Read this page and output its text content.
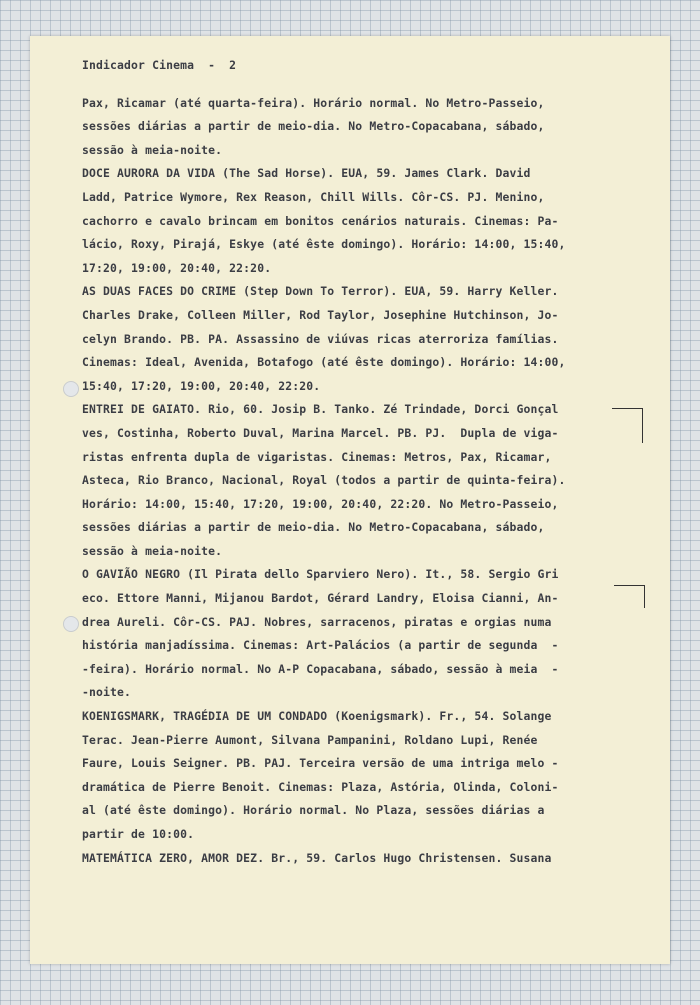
Indicador Cinema  -  2
Pax, Ricamar (até quarta-feira). Horário normal. No Metro-Passeio,
sessões diárias a partir de meio-dia. No Metro-Copacabana, sábado,
sessão à meia-noite.
DOCE AURORA DA VIDA (The Sad Horse). EUA, 59. James Clark. David
Ladd, Patrice Wymore, Rex Reason, Chill Wills. Côr-CS. PJ. Menino,
cachorro e cavalo brincam em bonitos cenários naturais. Cinemas: Pa-
lácio, Roxy, Pirajá, Eskye (até êste domingo). Horário: 14:00, 15:40,
17:20, 19:00, 20:40, 22:20.
AS DUAS FACES DO CRIME (Step Down To Terror). EUA, 59. Harry Keller.
Charles Drake, Colleen Miller, Rod Taylor, Josephine Hutchinson, Jo-
celyn Brando. PB. PA. Assassino de viúvas ricas aterroriza famílias.
Cinemas: Ideal, Avenida, Botafogo (até êste domingo). Horário: 14:00,
15:40, 17:20, 19:00, 20:40, 22:20.
ENTREI DE GAIATO. Rio, 60. Josip B. Tanko. Zé Trindade, Dorci Gonçal
ves, Costinha, Roberto Duval, Marina Marcel. PB. PJ.  Dupla de viga-
ristas enfrenta dupla de vigaristas. Cinemas: Metros, Pax, Ricamar,
Asteca, Rio Branco, Nacional, Royal (todos a partir de quinta-feira).
Horário: 14:00, 15:40, 17:20, 19:00, 20:40, 22:20. No Metro-Passeio,
sessões diárias a partir de meio-dia. No Metro-Copacabana, sábado,
sessão à meia-noite.
O GAVIÃO NEGRO (Il Pirata dello Sparviero Nero). It., 58. Sergio Gri
eco. Ettore Manni, Mijanou Bardot, Gérard Landry, Eloisa Cianni, An-
drea Aureli. Côr-CS. PAJ. Nobres, sarracenos, piratas e orgias numa
história manjadíssima. Cinemas: Art-Palácios (a partir de segunda  -
-feira). Horário normal. No A-P Copacabana, sábado, sessão à meia  -
-noite.
KOENIGSMARK, TRAGÉDIA DE UM CONDADO (Koenigsmark). Fr., 54. Solange
Terac. Jean-Pierre Aumont, Silvana Pampanini, Roldano Lupi, Renée
Faure, Louis Seigner. PB. PAJ. Terceira versão de uma intriga melo -
dramática de Pierre Benoit. Cinemas: Plaza, Astória, Olinda, Coloni-
al (até êste domingo). Horário normal. No Plaza, sessões diárias a
partir de 10:00.
MATEMÁTICA ZERO, AMOR DEZ. Br., 59. Carlos Hugo Christensen. Susana
